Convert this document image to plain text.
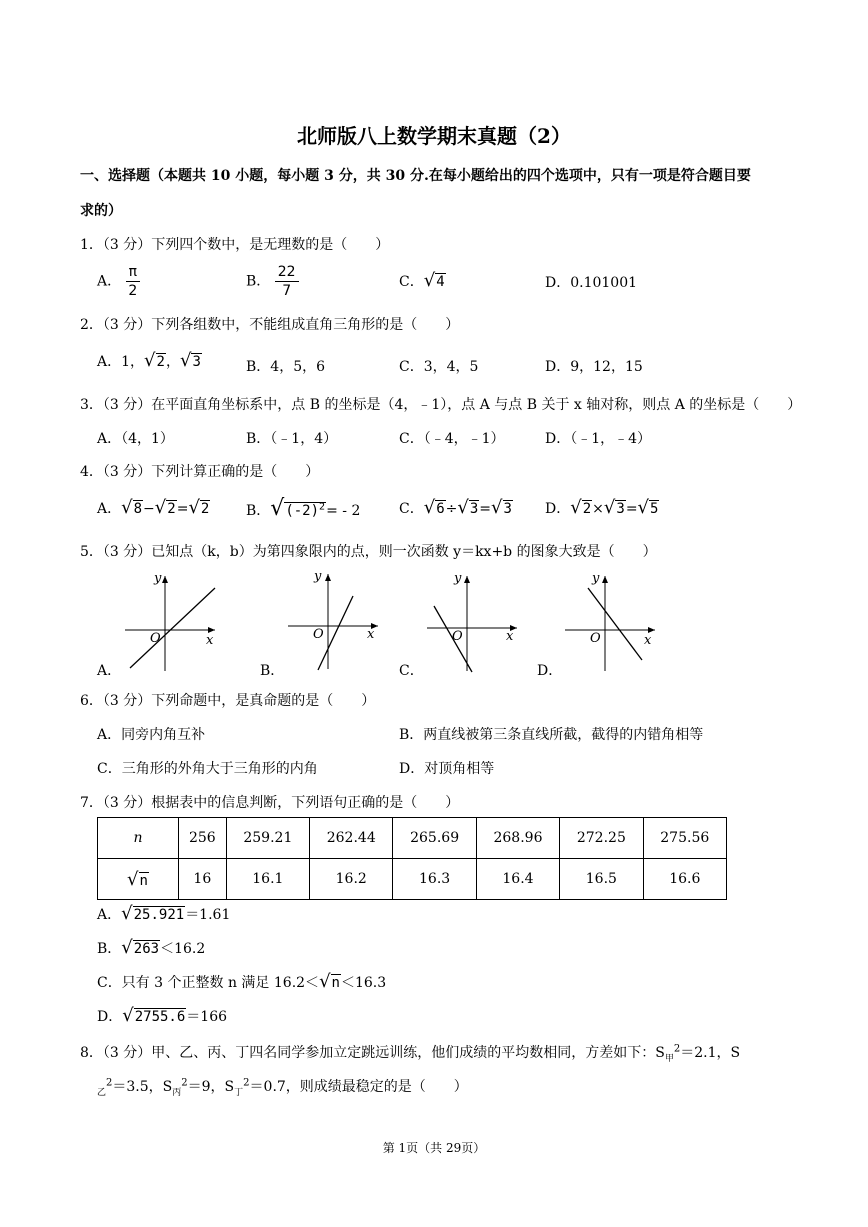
北师版八上数学期末真题（2）
一、选择题（本题共 10 小题，每小题 3 分，共 30 分.在每小题给出的四个选项中，只有一项是符合题目要
求的）
1．（3 分）下列四个数中，是无理数的是（　　）
A． $\frac{\pi}{2}$	B． $\frac{22}{7}$	C．√4	D．0.101001
2．（3 分）下列各组数中，不能组成直角三角形的是（　　）
A．1，√2，√3	B．4，5，6	C．3，4，5	D．9，12，15
3．（3 分）在平面直角坐标系中，点 B 的坐标是（4，﹣1），点 A 与点 B 关于 x 轴对称，则点 A 的坐标是（　　）
A．（4，1）	B．（﹣1，4）	C．（﹣4，﹣1）	D．（﹣1，﹣4）
4．（3 分）下列计算正确的是（　　）
A．√8−√2=√2	B．$√(-2)^2= - 2$	C．√6÷√3=√3 D．√2×√3=√5
5．（3 分）已知点（k，b）为第四象限内的点，则一次函数 y＝kx+b 的图象大致是（　　）
y
x
O
A．
y
x
O
B．
y
x
O
C．
y
x
O
D．
6．（3 分）下列命题中，是真命题的是（　　）
A．同旁内角互补	B．两直线被第三条直线所截，截得的内错角相等
C．三角形的外角大于三角形的内角	D．对顶角相等
7．（3 分）根据表中的信息判断，下列语句正确的是（　　）
n	256	259.21	262.44	265.69	268.96	272.25	275.56
√n	16	16.1	16.2	16.3	16.4	16.5	16.6
A．√25.921＝1.61
B．√263＜16.2
C．只有 3 个正整数 n 满足 16.2＜√n＜16.3
D．√2755.6＝166
8．（3 分）甲、乙、丙、丁四名同学参加立定跳远训练，他们成绩的平均数相同，方差如下：$S_甲^2=2.1$，S
$_乙^2$＝3.5，$S_丙^2=9$，$S_丁^2=0.7$，则成绩最稳定的是（　　）
第 1页（共 29页）
